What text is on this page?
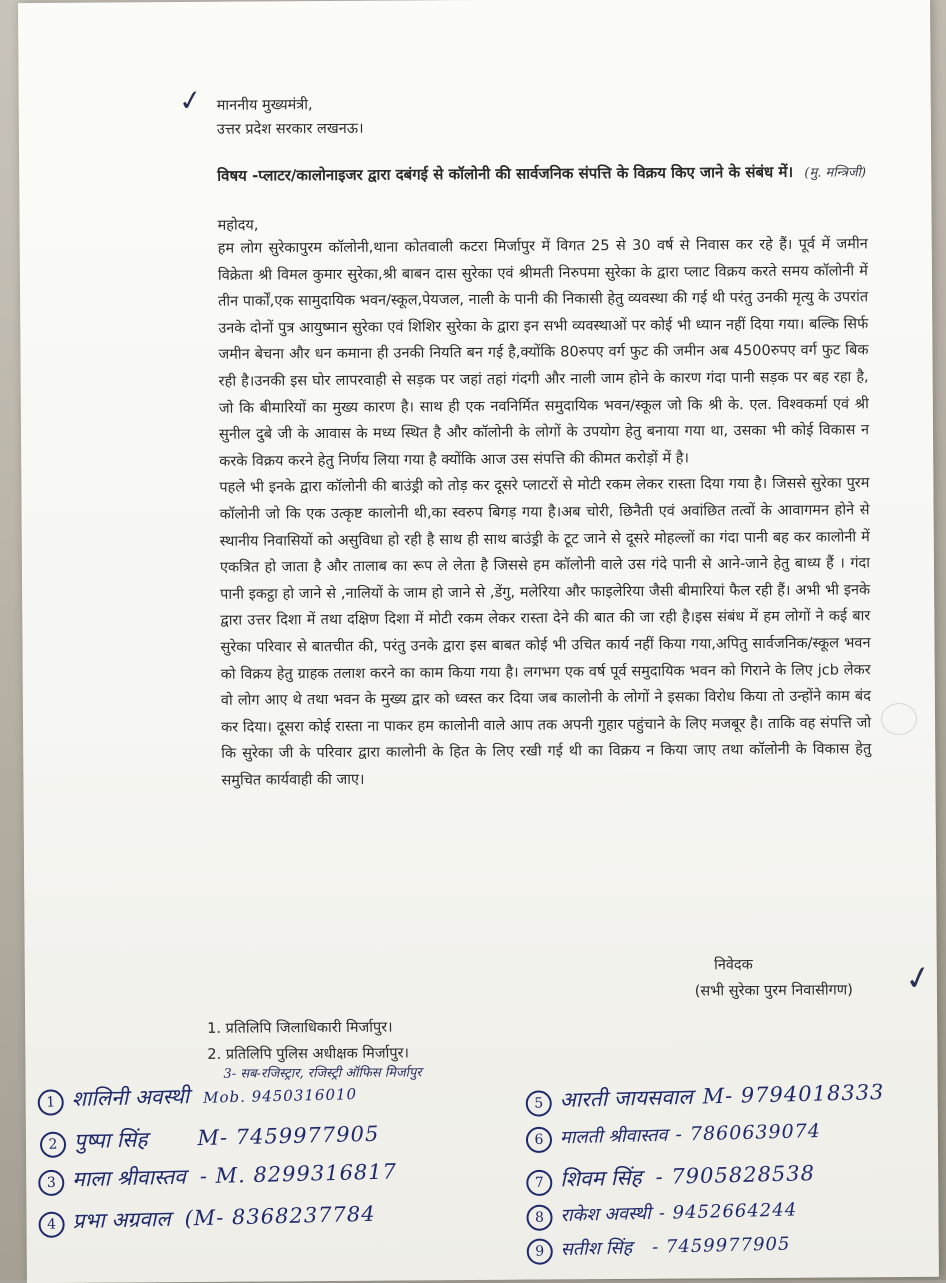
✓ माननीय मुख्यमंत्री,
उत्तर प्रदेश सरकार लखनऊ।
विषय -प्लाटर/कालोनाइजर द्वारा दबंगई से कॉलोनी की सार्वजनिक संपत्ति के विक्रय किए जाने के संबंध में। (मु. मन्त्रिजी)
महोदय,

हम लोग सुरेकापुरम कॉलोनी,थाना कोतवाली कटरा मिर्जापुर में विगत 25 से 30 वर्ष से निवास कर रहे हैं। पूर्व में जमीन विक्रेता श्री विमल कुमार सुरेका,श्री बाबन दास सुरेका एवं श्रीमती निरुपमा सुरेका के द्वारा प्लाट विक्रय करते समय कॉलोनी में तीन पार्कों,एक सामुदायिक भवन/स्कूल,पेयजल, नाली के पानी की निकासी हेतु व्यवस्था की गई थी परंतु उनकी मृत्यु के उपरांत उनके दोनों पुत्र आयुष्मान सुरेका एवं शिशिर सुरेका के द्वारा इन सभी व्यवस्थाओं पर कोई भी ध्यान नहीं दिया गया। बल्कि सिर्फ जमीन बेचना और धन कमाना ही उनकी नियति बन गई है,क्योंकि 80रुपए वर्ग फुट की जमीन अब 4500रुपए वर्ग फुट बिक रही है।उनकी इस घोर लापरवाही से सड़क पर जहां तहां गंदगी और नाली जाम होने के कारण गंदा पानी सड़क पर बह रहा है, जो कि बीमारियों का मुख्य कारण है। साथ ही एक नवनिर्मित समुदायिक भवन/स्कूल जो कि श्री के. एल. विश्वकर्मा एवं श्री सुनील दुबे जी के आवास के मध्य स्थित है और कॉलोनी के लोगों के उपयोग हेतु बनाया गया था, उसका भी कोई विकास न करके विक्रय करने हेतु निर्णय लिया गया है क्योंकि आज उस संपत्ति की कीमत करोड़ों में है।

पहले भी इनके द्वारा कॉलोनी की बाउंड्री को तोड़ कर दूसरे प्लाटरों से मोटी रकम लेकर रास्ता दिया गया है। जिससे सुरेका पुरम कॉलोनी जो कि एक उत्कृष्ट कालोनी थी,का स्वरुप बिगड़ गया है।अब चोरी, छिनैती एवं अवांछित तत्वों के आवागमन होने से स्थानीय निवासियों को असुविधा हो रही है साथ ही साथ बाउंड्री के टूट जाने से दूसरे मोहल्लों का गंदा पानी बह कर कालोनी में एकत्रित हो जाता है और तालाब का रूप ले लेता है जिससे हम कॉलोनी वाले उस गंदे पानी से आने-जाने हेतु बाध्य हैं । गंदा पानी इकट्ठा हो जाने से ,नालियों के जाम हो जाने से ,डेंगु, मलेरिया और फाइलेरिया जैसी बीमारियां फैल रही हैं। अभी भी इनके द्वारा उत्तर दिशा में तथा दक्षिण दिशा में मोटी रकम लेकर रास्ता देने की बात की जा रही है।इस संबंध में हम लोगों ने कई बार सुरेका परिवार से बातचीत की, परंतु उनके द्वारा इस बाबत कोई भी उचित कार्य नहीं किया गया,अपितु सार्वजनिक/स्कूल भवन को विक्रय हेतु ग्राहक तलाश करने का काम किया गया है। लगभग एक वर्ष पूर्व समुदायिक भवन को गिराने के लिए jcb लेकर वो लोग आए थे तथा भवन के मुख्य द्वार को ध्वस्त कर दिया जब कालोनी के लोगों ने इसका विरोध किया तो उन्होंने काम बंद कर दिया। दूसरा कोई रास्ता ना पाकर हम कालोनी वाले आप तक अपनी गुहार पहुंचाने के लिए मजबूर है। ताकि वह संपत्ति जो कि सुरेका जी के परिवार द्वारा कालोनी के हित के लिए रखी गई थी का विक्रय न किया जाए तथा कॉलोनी के विकास हेतु समुचित कार्यवाही की जाए।

निवेदक
(सभी सुरेका पुरम निवासीगण) ✓
1. प्रतिलिपि जिलाधिकारी मिर्जापुर।
2. प्रतिलिपि पुलिस अधीक्षक मिर्जापुर।
3- सब-रजिस्ट्रार, रजिस्ट्री ऑफिस मिर्जापुर
1 शालिनी अवस्थी Mob. 9450316010
2 पुष्पा सिंह M- 7459977905
3 माला श्रीवास्तव - M. 8299316817
4 प्रभा अग्रवाल (M- 8368237784
5 आरती जायसवाल M- 9794018333
6 मालती श्रीवास्तव - 7860639074
7 शिवम सिंह - 7905828538
8 राकेश अवस्थी - 9452664244
9 सतीश सिंह - 7459977905
